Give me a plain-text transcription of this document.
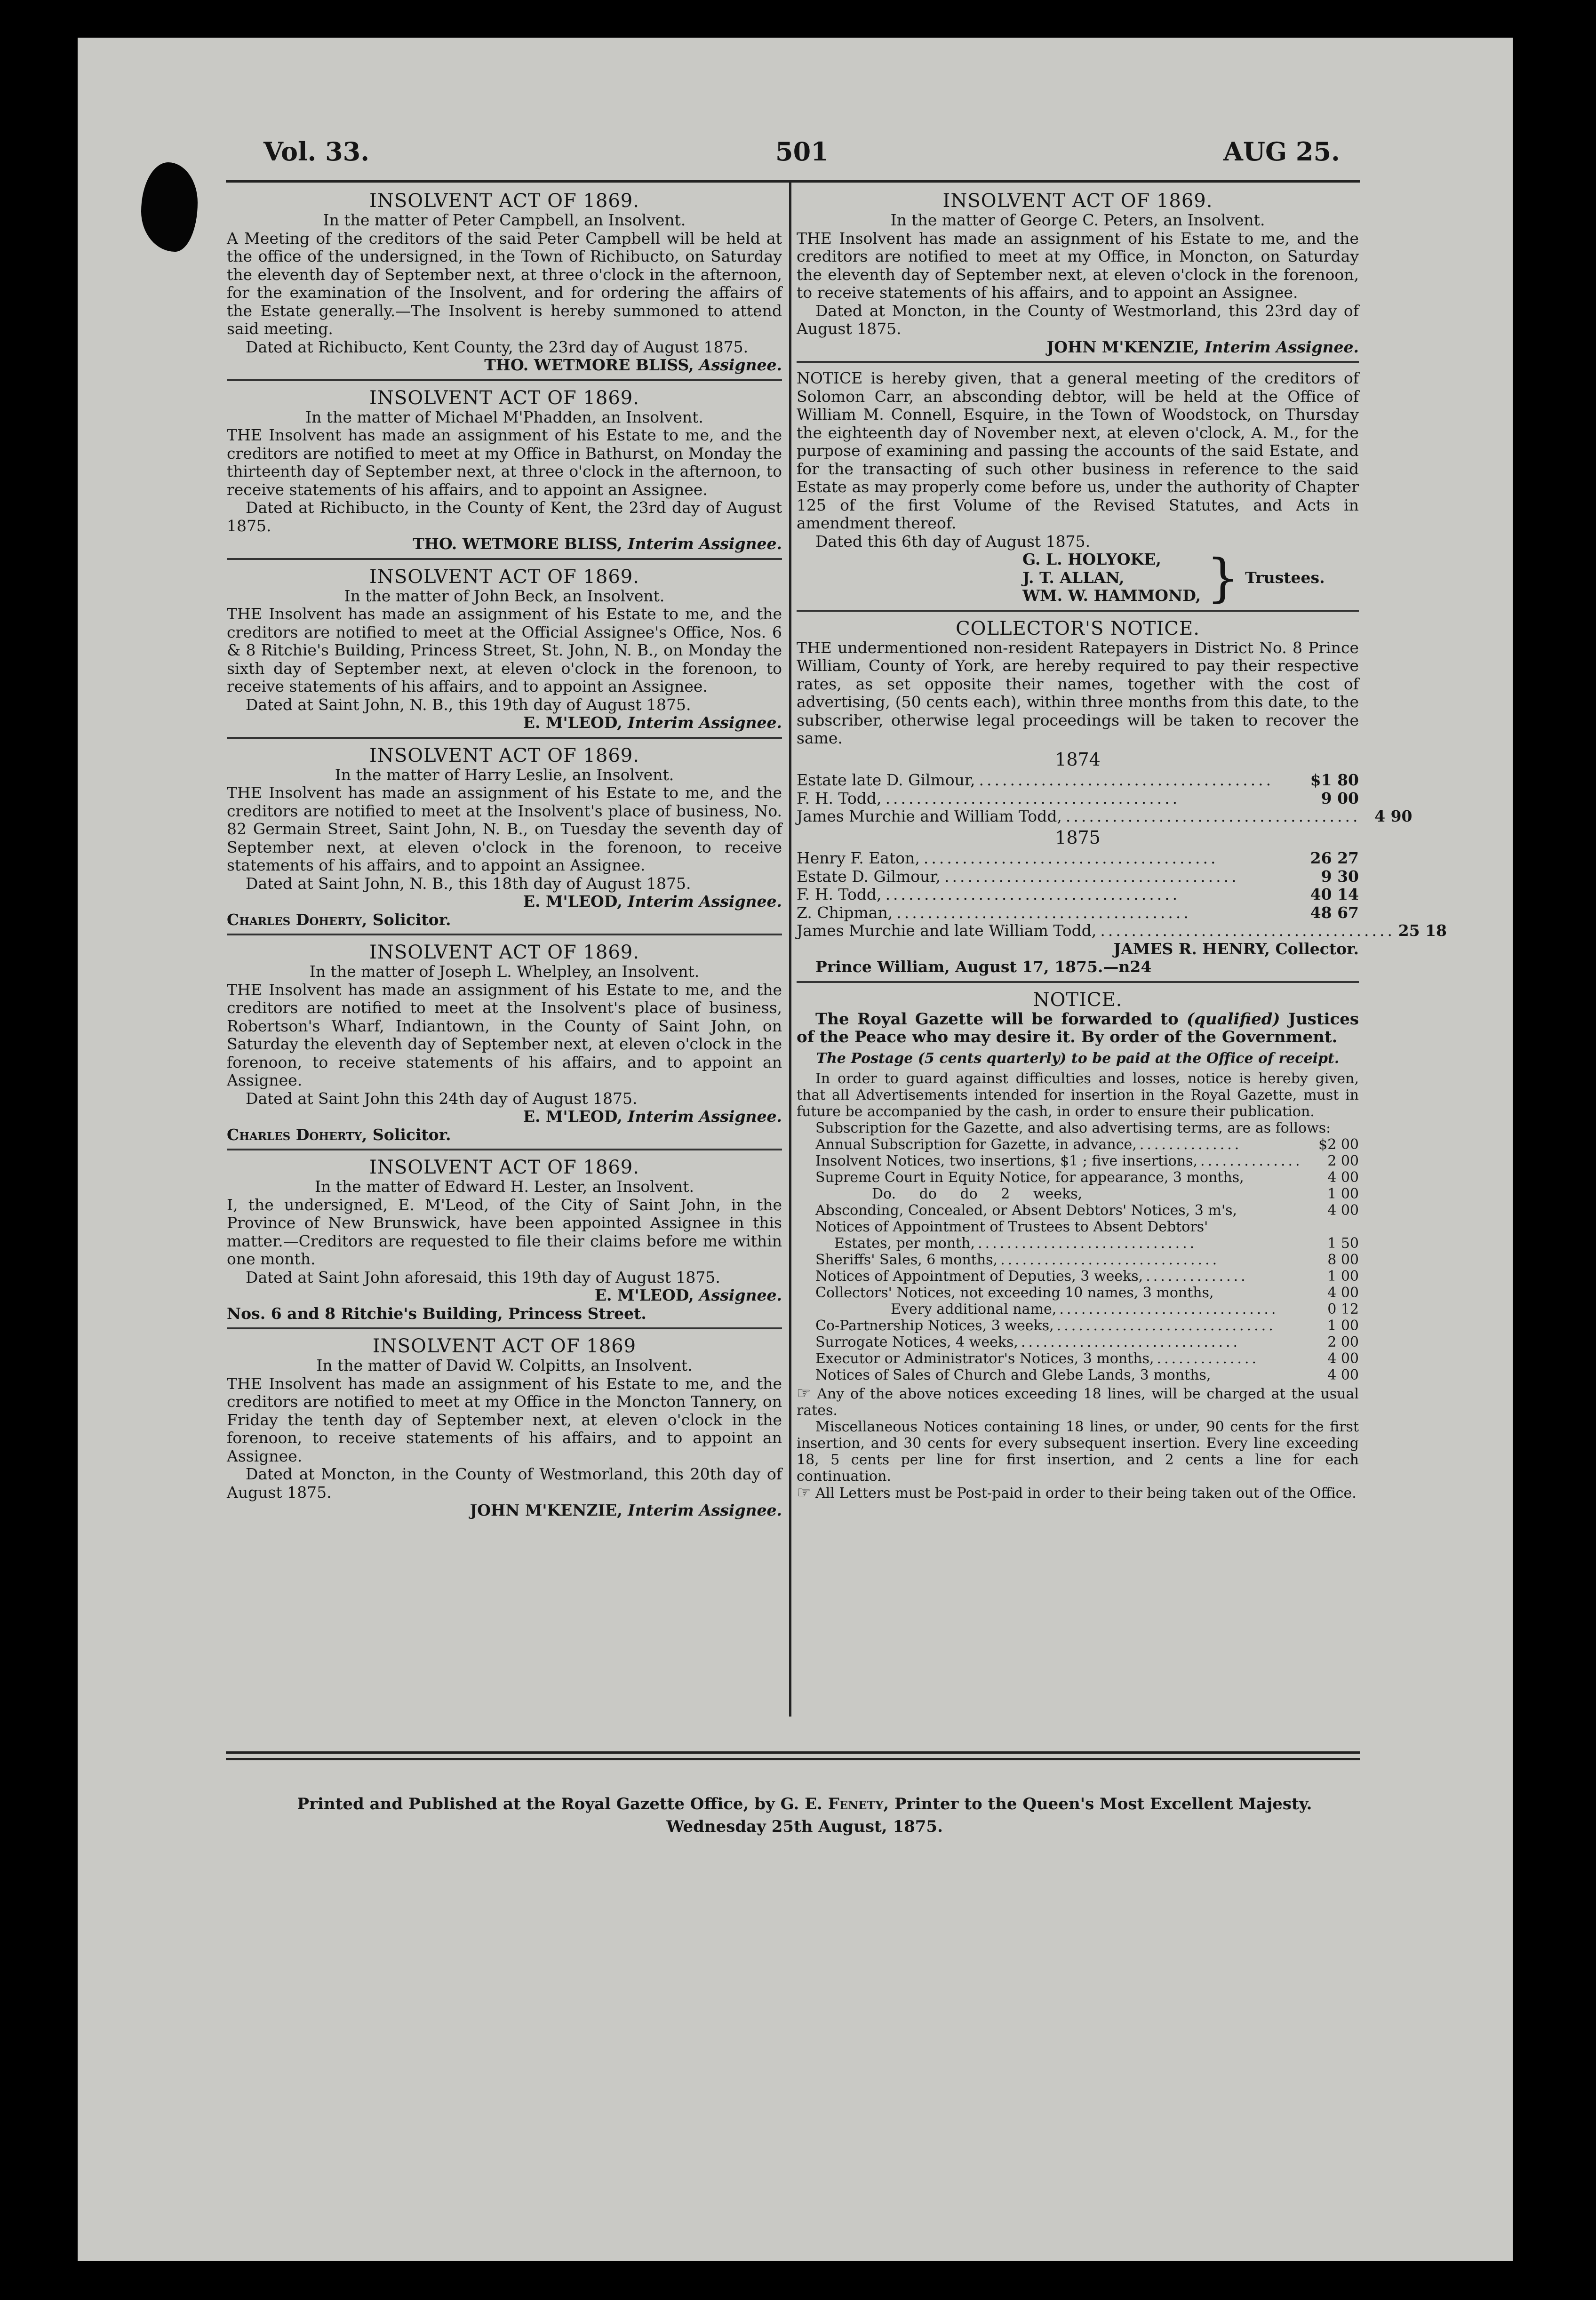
Vol. 33.	501	AUG 25.
INSOLVENT ACT OF 1869.
In the matter of Peter Campbell, an Insolvent.
A Meeting of the creditors of the said Peter Campbell will be held at the office of the undersigned, in the Town of Richibucto, on Saturday the eleventh day of September next, at three o'clock in the afternoon, for the examination of the Insolvent, and for ordering the affairs of the Estate generally.—The Insolvent is hereby summoned to attend said meeting.
Dated at Richibucto, Kent County, the 23rd day of August 1875.
THO. WETMORE BLISS, Assignee.
INSOLVENT ACT OF 1869.
In the matter of Michael M'Phadden, an Insolvent.
THE Insolvent has made an assignment of his Estate to me, and the creditors are notified to meet at my Office in Bathurst, on Monday the thirteenth day of September next, at three o'clock in the afternoon, to receive statements of his affairs, and to appoint an Assignee.
Dated at Richibucto, in the County of Kent, the 23rd day of August 1875.
THO. WETMORE BLISS, Interim Assignee.
INSOLVENT ACT OF 1869.
In the matter of John Beck, an Insolvent.
THE Insolvent has made an assignment of his Estate to me, and the creditors are notified to meet at the Official Assignee's Office, Nos. 6 & 8 Ritchie's Building, Princess Street, St. John, N. B., on Monday the sixth day of September next, at eleven o'clock in the forenoon, to receive statements of his affairs, and to appoint an Assignee.
Dated at Saint John, N. B., this 19th day of August 1875.
E. M'LEOD, Interim Assignee.
INSOLVENT ACT OF 1869.
In the matter of Harry Leslie, an Insolvent.
THE Insolvent has made an assignment of his Estate to me, and the creditors are notified to meet at the Insolvent's place of business, No. 82 Germain Street, Saint John, N. B., on Tuesday the seventh day of September next, at eleven o'clock in the forenoon, to receive statements of his affairs, and to appoint an Assignee.
Dated at Saint John, N. B., this 18th day of August 1875.
E. M'LEOD, Interim Assignee.
Charles Doherty, Solicitor.
INSOLVENT ACT OF 1869.
In the matter of Joseph L. Whelpley, an Insolvent.
THE Insolvent has made an assignment of his Estate to me, and the creditors are notified to meet at the Insolvent's place of business, Robertson's Wharf, Indiantown, in the County of Saint John, on Saturday the eleventh day of September next, at eleven o'clock in the forenoon, to receive statements of his affairs, and to appoint an Assignee.
Dated at Saint John this 24th day of August 1875.
E. M'LEOD, Interim Assignee.
Charles Doherty, Solicitor.
INSOLVENT ACT OF 1869.
In the matter of Edward H. Lester, an Insolvent.
I, the undersigned, E. M'Leod, of the City of Saint John, in the Province of New Brunswick, have been appointed Assignee in this matter.—Creditors are requested to file their claims before me within one month.
Dated at Saint John aforesaid, this 19th day of August 1875.
E. M'LEOD, Assignee.
Nos. 6 and 8 Ritchie's Building, Princess Street.
INSOLVENT ACT OF 1869
In the matter of David W. Colpitts, an Insolvent.
THE Insolvent has made an assignment of his Estate to me, and the creditors are notified to meet at my Office in the Moncton Tannery, on Friday the tenth day of September next, at eleven o'clock in the forenoon, to receive statements of his affairs, and to appoint an Assignee.
Dated at Moncton, in the County of Westmorland, this 20th day of August 1875.
JOHN M'KENZIE, Interim Assignee.
INSOLVENT ACT OF 1869.
In the matter of George C. Peters, an Insolvent.
THE Insolvent has made an assignment of his Estate to me, and the creditors are notified to meet at my Office, in Moncton, on Saturday the eleventh day of September next, at eleven o'clock in the forenoon, to receive statements of his affairs, and to appoint an Assignee.
Dated at Moncton, in the County of Westmorland, this 23rd day of August 1875.
JOHN M'KENZIE, Interim Assignee.
NOTICE is hereby given, that a general meeting of the creditors of Solomon Carr, an absconding debtor, will be held at the Office of William M. Connell, Esquire, in the Town of Woodstock, on Thursday the eighteenth day of November next, at eleven o'clock, A. M., for the purpose of examining and passing the accounts of the said Estate, and for the transacting of such other business in reference to the said Estate as may properly come before us, under the authority of Chapter 125 of the first Volume of the Revised Statutes, and Acts in amendment thereof.
Dated this 6th day of August 1875.
G. L. HOLYOKE,
J. T. ALLAN,
WM. W. HAMMOND, } Trustees.
COLLECTOR'S NOTICE.
THE undermentioned non-resident Ratepayers in District No. 8 Prince William, County of York, are hereby required to pay their respective rates, as set opposite their names, together with the cost of advertising, (50 cents each), within three months from this date, to the subscriber, otherwise legal proceedings will be taken to recover the same.
1874
Estate late D. Gilmour, ......................................	$1 80
F. H. Todd, ......................................	9 00
James Murchie and William Todd, ...................................... 4 90
1875
Henry F. Eaton, ......................................	26 27
Estate D. Gilmour, ......................................	9 30
F. H. Todd, ......................................	40 14
Z. Chipman, ......................................	48 67
James Murchie and late William Todd, ...................................... 25 18
JAMES R. HENRY, Collector.
Prince William, August 17, 1875.—n24
NOTICE.
The Royal Gazette will be forwarded to (qualified) Justices of the Peace who may desire it. By order of the Government.
The Postage (5 cents quarterly) to be paid at the Office of receipt.
In order to guard against difficulties and losses, notice is hereby given, that all Advertisements intended for insertion in the Royal Gazette, must in future be accompanied by the cash, in order to ensure their publication.
Subscription for the Gazette, and also advertising terms, are as follows:
Annual Subscription for Gazette, in advance, ..............	$2 00
Insolvent Notices, two insertions, $1 ; five insertions, ..............	2 00
Supreme Court in Equity Notice, for appearance, 3 months,	4 00
Do. do do 2 weeks,	1 00
Absconding, Concealed, or Absent Debtors' Notices, 3 m's,	4 00
Notices of Appointment of Trustees to Absent Debtors'
Estates, per month, ..............................	1 50
Sheriffs' Sales, 6 months, ..............................	8 00
Notices of Appointment of Deputies, 3 weeks, ..............	1 00
Collectors' Notices, not exceeding 10 names, 3 months,	4 00
Every additional name, ..............................	0 12
Co-Partnership Notices, 3 weeks, ..............................	1 00
Surrogate Notices, 4 weeks, ..............................	2 00
Executor or Administrator's Notices, 3 months, ..............	4 00
Notices of Sales of Church and Glebe Lands, 3 months,	4 00
☞ Any of the above notices exceeding 18 lines, will be charged at the usual rates.
Miscellaneous Notices containing 18 lines, or under, 90 cents for the first insertion, and 30 cents for every subsequent insertion. Every line exceeding 18, 5 cents per line for first insertion, and 2 cents a line for each continuation.
☞ All Letters must be Post-paid in order to their being taken out of the Office.
Printed and Published at the Royal Gazette Office, by G. E. Fenety, Printer to the Queen's Most Excellent Majesty.
Wednesday 25th August, 1875.
